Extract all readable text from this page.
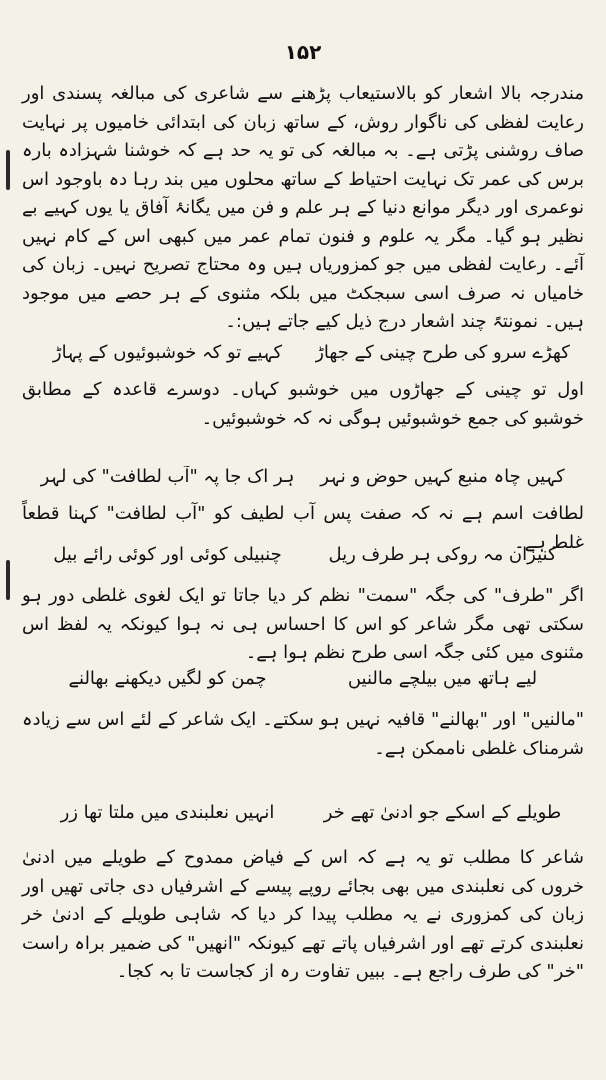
۱۵۲

مندرجہ بالا اشعار کو بالاستیعاب پڑھنے سے شاعری کی مبالغہ پسندی اور رعایت لفظی کی ناگوار روش، کے ساتھ زبان کی ابتدائی خامیوں پر نہایت صاف روشنی پڑتی ہے۔ بہ مبالغہ کی تو یہ حد ہے کہ خوشنا شہزادہ بارہ برس کی عمر تک نہایت احتیاط کے ساتھ محلوں میں بند رہا دہ باوجود اس نوعمری اور دیگر موانع دنیا کے ہر علم و فن میں یگانۂ آفاق یا یوں کہیے بے نظیر ہو گیا۔ مگر یہ علوم و فنون تمام عمر میں کبھی اس کے کام نہیں آئے۔ رعایت لفظی میں جو کمزوریاں ہیں وہ محتاج تصریح نہیں۔ زبان کی خامیاں نہ صرف اسی سبجکٹ میں بلکہ مثنوی کے ہر حصے میں موجود ہیں۔ نمونتہً چند اشعار درج ذیل کیے جاتے ہیں:۔

کھڑے سرو کی طرح چینی کے جھاڑ
کہیے تو کہ خوشبوئیوں کے پہاڑ

اول تو چینی کے جھاڑوں میں خوشبو کہاں۔ دوسرے قاعدہ کے مطابق خوشبو کی جمع خوشبوئیں ہوگی نہ کہ خوشبوئیں۔

کہیں چاہ منبع کہیں حوض و نہر
ہر اک جا پہ "آب لطافت" کی لہر

لطافت اسم ہے نہ کہ صفت پس آب لطیف کو "آب لطافت" کہنا قطعاً غلط ہے۔

کنیزان مہ روکی ہر طرف ریل
چنبیلی کوئی اور کوئی رائے بیل

اگر "طرف" کی جگہ "سمت" نظم کر دیا جاتا تو ایک لغوی غلطی دور ہو سکتی تھی مگر شاعر کو اس کا احساس ہی نہ ہوا کیونکہ یہ لفظ اس مثنوی میں کئی جگہ اسی طرح نظم ہوا ہے۔

لیے ہاتھ میں بیلچے مالنیں
چمن کو لگیں دیکھنے بھالنے

"مالنیں" اور "بھالنے" قافیہ نہیں ہو سکتے۔ ایک شاعر کے لئے اس سے زیادہ شرمناک غلطی ناممکن ہے۔

طویلے کے اسکے جو ادنیٰ تھے خر
انہیں نعلبندی میں ملتا تھا زر

شاعر کا مطلب تو یہ ہے کہ اس کے فیاض ممدوح کے طویلے میں ادنیٰ خروں کی نعلبندی میں بھی بجائے روپے پیسے کے اشرفیاں دی جاتی تھیں اور زبان کی کمزوری نے یہ مطلب پیدا کر دیا کہ شاہی طویلے کے ادنیٰ خر نعلبندی کرتے تھے اور اشرفیاں پاتے تھے کیونکہ "انھیں" کی ضمیر براہ راست "خر" کی طرف راجع ہے۔ ببیں تفاوت رہ از کجاست تا بہ کجا۔
